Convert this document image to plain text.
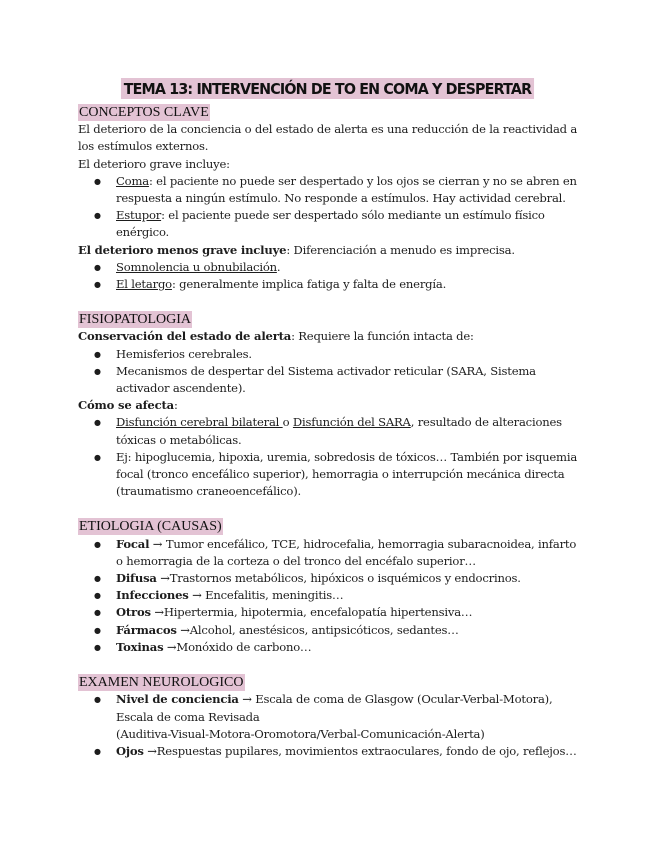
TEMA 13: INTERVENCIÓN DE TO EN COMA Y DESPERTAR
CONCEPTOS CLAVE

El deterioro de la conciencia o del estado de alerta es una reducción de la reactividad a los estímulos externos.

El deterioro grave incluye:

● Coma: el paciente no puede ser despertado y los ojos se cierran y no se abren en respuesta a ningún estímulo. No responde a estímulos. Hay actividad cerebral.
● Estupor: el paciente puede ser despertado sólo mediante un estímulo físico enérgico.

El deterioro menos grave incluye: Diferenciación a menudo es imprecisa.

● Somnolencia u obnubilación.
● El letargo: generalmente implica fatiga y falta de energía.
FISIOPATOLOGIA

Conservación del estado de alerta: Requiere la función intacta de:

● Hemisferios cerebrales.
● Mecanismos de despertar del Sistema activador reticular (SARA, Sistema activador ascendente).

Cómo se afecta:

● Disfunción cerebral bilateral o Disfunción del SARA, resultado de alteraciones tóxicas o metabólicas.
● Ej: hipoglucemia, hipoxia, uremia, sobredosis de tóxicos… También por isquemia focal (tronco encefálico superior), hemorragia o interrupción mecánica directa (traumatismo craneoencefálico).
ETIOLOGIA (CAUSAS)
● Focal → Tumor encefálico, TCE, hidrocefalia, hemorragia subaracnoidea, infarto o hemorragia de la corteza o del tronco del encéfalo superior…
● Difusa →Trastornos metabólicos, hipóxicos o isquémicos y endocrinos.
● Infecciones → Encefalitis, meningitis…
● Otros →Hipertermia, hipotermia, encefalopatía hipertensiva…
● Fármacos →Alcohol, anestésicos, antipsicóticos, sedantes…
● Toxinas →Monóxido de carbono…
EXAMEN NEUROLOGICO
● Nivel de conciencia → Escala de coma de Glasgow (Ocular-Verbal-Motora), Escala de coma Revisada
(Auditiva-Visual-Motora-Oromotora/Verbal-Comunicación-Alerta)
● Ojos →Respuestas pupilares, movimientos extraoculares, fondo de ojo, reflejos…
